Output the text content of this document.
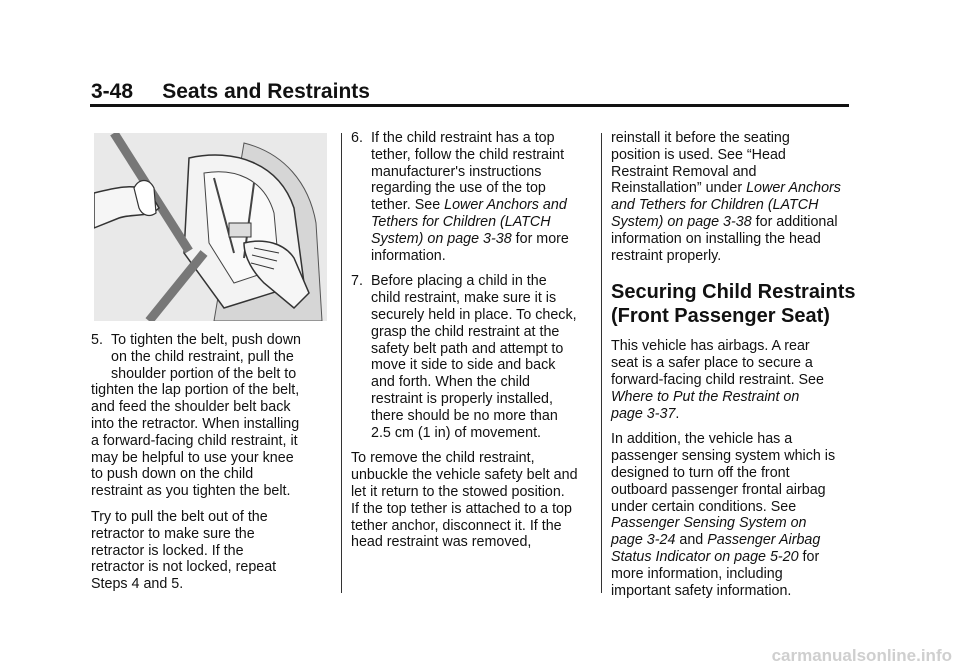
3-48     Seats and Restraints
5. To tighten the belt, push down
on the child restraint, pull the
shoulder portion of the belt to
tighten the lap portion of the belt,
and feed the shoulder belt back
into the retractor. When installing
a forward-facing child restraint, it
may be helpful to use your knee
to push down on the child
restraint as you tighten the belt.
Try to pull the belt out of the
retractor to make sure the
retractor is locked. If the
retractor is not locked, repeat
Steps 4 and 5.
6. If the child restraint has a top
tether, follow the child restraint
manufacturer's instructions
regarding the use of the top
tether. See Lower Anchors and
Tethers for Children (LATCH
System) on page 3-38 for more
information.
7. Before placing a child in the
child restraint, make sure it is
securely held in place. To check,
grasp the child restraint at the
safety belt path and attempt to
move it side to side and back
and forth. When the child
restraint is properly installed,
there should be no more than
2.5 cm (1 in) of movement.

To remove the child restraint,
unbuckle the vehicle safety belt and
let it return to the stowed position.
If the top tether is attached to a top
tether anchor, disconnect it. If the
head restraint was removed,

reinstall it before the seating
position is used. See “Head
Restraint Removal and
Reinstallation” under Lower Anchors
and Tethers for Children (LATCH
System) on page 3-38 for additional
information on installing the head
restraint properly.

Securing Child Restraints
(Front Passenger Seat)

This vehicle has airbags. A rear
seat is a safer place to secure a
forward-facing child restraint. See
Where to Put the Restraint on
page 3-37.

In addition, the vehicle has a
passenger sensing system which is
designed to turn off the front
outboard passenger frontal airbag
under certain conditions. See
Passenger Sensing System on
page 3-24 and Passenger Airbag
Status Indicator on page 5-20 for
more information, including
important safety information.

carmanualsonline.info
